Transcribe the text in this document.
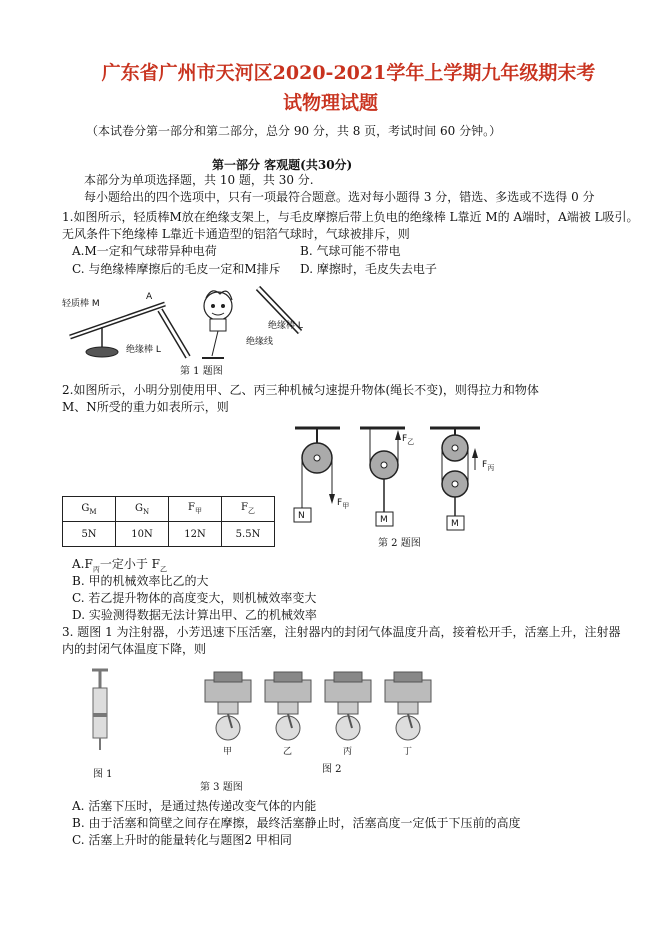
广东省广州市天河区2020-2021学年上学期九年级期末考
试物理试题
（本试卷分第一部分和第二部分，总分 90 分，共 8 页，考试时间 60 分钟。）
第一部分 客观题(共30分)
本部分为单项选择题，共 10 题，共 30 分.
每小题给出的四个选项中，只有一项最符合题意。选对每小题得 3 分，错选、多选或不选得 0 分
1.如图所示，轻质棒M放在绝缘支架上，与毛皮摩擦后带上负电的绝缘棒 L靠近 M的 A端时，A端被 L吸引。
无风条件下绝缘棒 L靠近卡通造型的铝箔气球时，气球被排斥，则
A.M一定和气球带异种电荷	B. 气球可能不带电
C. 与绝缘棒摩擦后的毛皮一定和M排斥 D. 摩擦时，毛皮失去电子
轻质棒 M
A
绝缘棒 L
绝缘棒 L
绝缘线
第 1 题图
2.如图所示，小明分别使用甲、乙、丙三种机械匀速提升物体(绳长不变)，则得拉力和物体
M、N所受的重力如表所示，则
$G_M$	$G_N$	$F_甲$	$F_乙$
5N	10N	12N	5.5N
N	M	M
$F_甲$
$F_乙$
$F_丙$
第 2 题图
$A.F_丙$一定小于 $F_乙$
B. 甲的机械效率比乙的大
C. 若乙提升物体的高度变大，则机械效率变大
D. 实验测得数据无法计算出甲、乙的机械效率
3. 题图 1 为注射器，小芳迅速下压活塞，注射器内的封闭气体温度升高，接着松开手，活塞上升，注射器
内的封闭气体温度下降，则
图 1
甲	乙	丙	丁
图 2
第 3 题图
A. 活塞下压时，是通过热传递改变气体的内能
B. 由于活塞和筒壁之间存在摩擦，最终活塞静止时，活塞高度一定低于下压前的高度
C. 活塞上升时的能量转化与题图2 甲相同
